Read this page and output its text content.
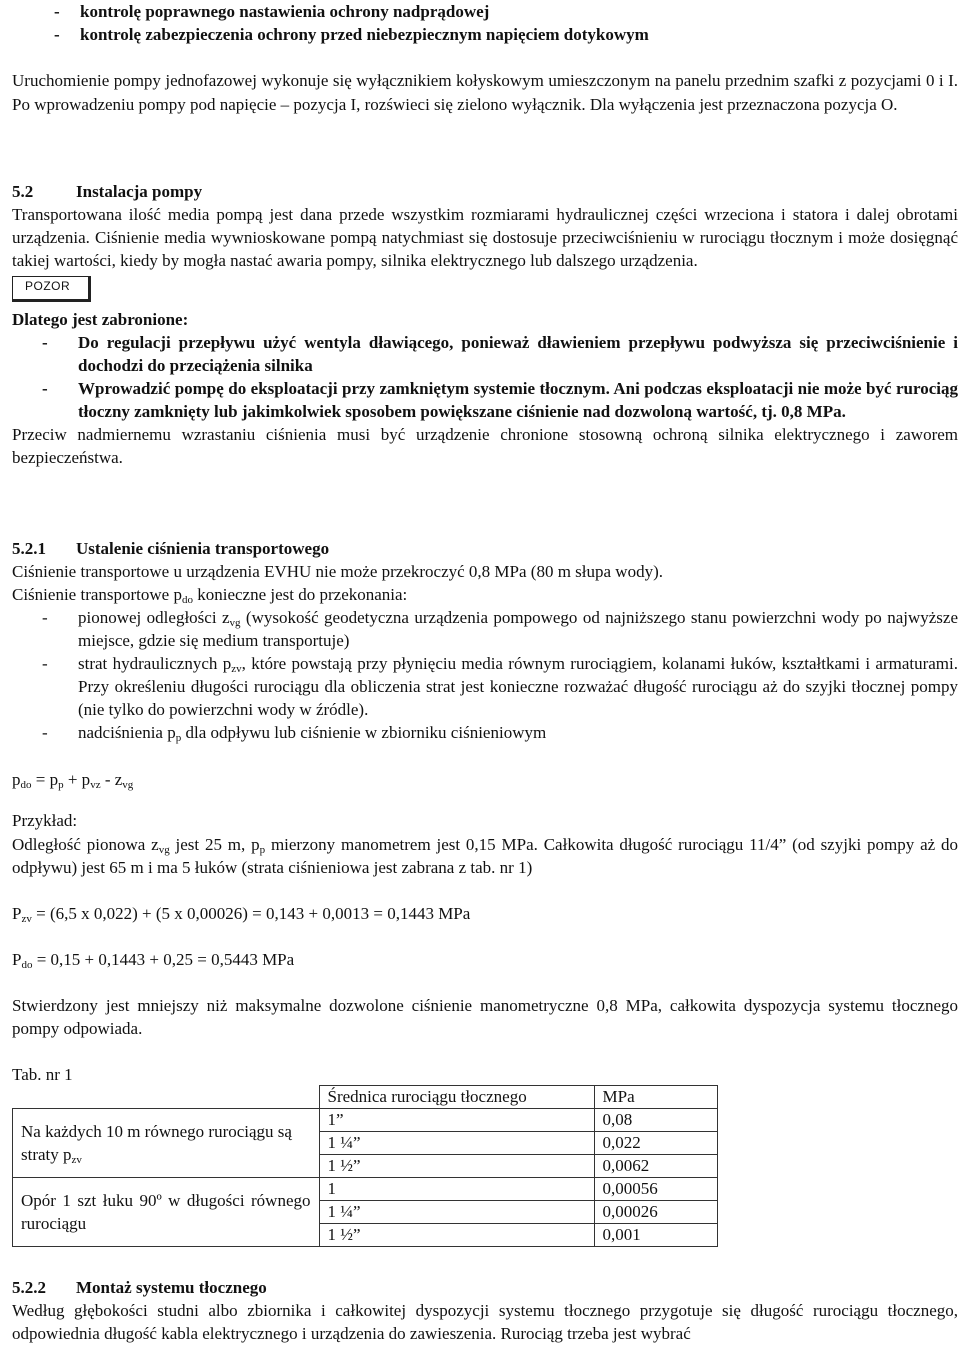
- kontrolę poprawnego nastawienia ochrony nadprądowej

- kontrolę zabezpieczenia ochrony przed niebezpiecznym napięciem dotykowym

Uruchomienie pompy jednofazowej wykonuje się wyłącznikiem kołyskowym umieszczonym na panelu przednim szafki z pozycjami 0 i I. Po wprowadzeniu pompy pod napięcie – pozycja I, rozświeci się zielono wyłącznik. Dla wyłączenia jest przeznaczona pozycja O.

5.2	Instalacja pompy

Transportowana ilość media pompą jest dana przede wszystkim rozmiarami hydraulicznej części wrzeciona i statora i dalej obrotami urządzenia. Ciśnienie media wywnioskowane pompą natychmiast się dostosuje przeciwciśnieniu w rurociągu tłocznym i może dosięgnąć takiej wartości, kiedy by mogła nastać awaria pompy, silnika elektrycznego lub dalszego urządzenia.

POZOR

Dlatego jest zabronione:

- Do regulacji przepływu użyć wentyla dławiącego, ponieważ dławieniem przepływu podwyższa się przeciwciśnienie i dochodzi do przeciążenia silnika

- Wprowadzić pompę do eksploatacji przy zamkniętym systemie tłocznym. Ani podczas eksploatacji nie może być rurociąg tłoczny zamknięty lub jakimkolwiek sposobem powiększane ciśnienie nad dozwoloną wartość, tj. 0,8 MPa.

Przeciw nadmiernemu wzrastaniu ciśnienia musi być urządzenie chronione stosowną ochroną silnika elektrycznego i zaworem bezpieczeństwa.

5.2.1 Ustalenie ciśnienia transportowego

Ciśnienie transportowe u urządzenia EVHU nie może przekroczyć 0,8 MPa (80 m słupa wody).

Ciśnienie transportowe $p_{do}$ konieczne jest do przekonania:

- pionowej odległości $z_{vg}$ (wysokość geodetyczna urządzenia pompowego od najniższego stanu powierzchni wody po najwyższe miejsce, gdzie się medium transportuje)

- strat hydraulicznych $p_{zv}$, które powstają przy płynięciu media równym rurociągiem, kolanami łuków, kształtkami i armaturami. Przy określeniu długości rurociągu dla obliczenia strat jest konieczne rozważać długość rurociągu aż do szyjki tłocznej pompy (nie tylko do powierzchni wody w źródle).

- nadciśnienia $p_p$ dla odpływu lub ciśnienie w zbiorniku ciśnieniowym

$p_{do} = p_p + p_{vz} - z_{vg}$

Przykład:

Odległość pionowa $z_{vg}$ jest 25 m, $p_p$ mierzony manometrem jest 0,15 MPa. Całkowita długość rurociągu 11/4” (od szyjki pompy aż do odpływu) jest 65 m i ma 5 łuków (strata ciśnieniowa jest zabrana z tab. nr 1)

$P_{zv} = (6,5$ x 0,022) + (5 x 0,00026) = 0,143 + 0,0013 = 0,1443 MPa

$P_{do} = 0,15 + 0,1443 + 0,25 = 0,5443$ MPa

Stwierdzony jest mniejszy niż maksymalne dozwolone ciśnienie manometryczne 0,8 MPa, całkowita dyspozycja systemu tłocznego pompy odpowiada.

Tab. nr 1

	Średnica rurociągu tłocznego	MPa
Na każdych 10 m równego rurociągu są straty $p_{zv}$	1”	0,08
	1 ¼”	0,022
	1 ½”	0,0062
Opór 1 szt łuku 90º w długości równego rurociągu	1	0,00056
	1 ¼”	0,00026
	1 ½”	0,001

5.2.2 Montaż systemu tłocznego

Według głębokości studni albo zbiornika i całkowitej dyspozycji systemu tłocznego przygotuje się długość rurociągu tłocznego, odpowiednia długość kabla elektrycznego i urządzenia do zawieszenia. Rurociąg trzeba jest wybrać
